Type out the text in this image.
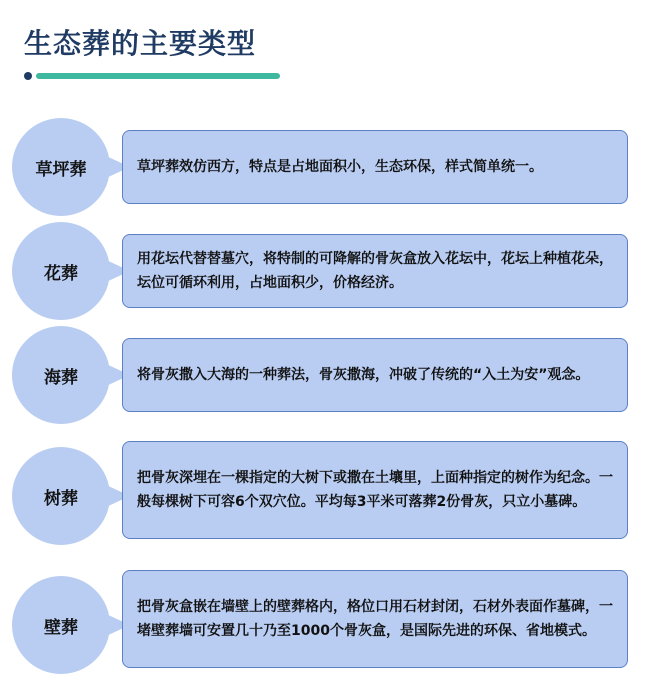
生态葬的主要类型
草坪葬	草坪葬效仿西方，特点是占地面积小，生态环保，样式简单统一。
花葬
用花坛代替替墓穴，将特制的可降解的骨灰盒放入花坛中，花坛上种植花朵，坛位可循环利用，占地面积少，价格经济。
海葬	将骨灰撒入大海的一种葬法，骨灰撒海，冲破了传统的“入土为安”观念。
树葬
把骨灰深埋在一棵指定的大树下或撒在土壤里，上面种指定的树作为纪念。一般每棵树下可容6个双穴位。平均每3平米可落葬2份骨灰，只立小墓碑。
壁葬
把骨灰盒嵌在墙壁上的壁葬格内，格位口用石材封闭，石材外表面作墓碑，一堵壁葬墙可安置几十乃至1000个骨灰盒，是国际先进的环保、省地模式。
